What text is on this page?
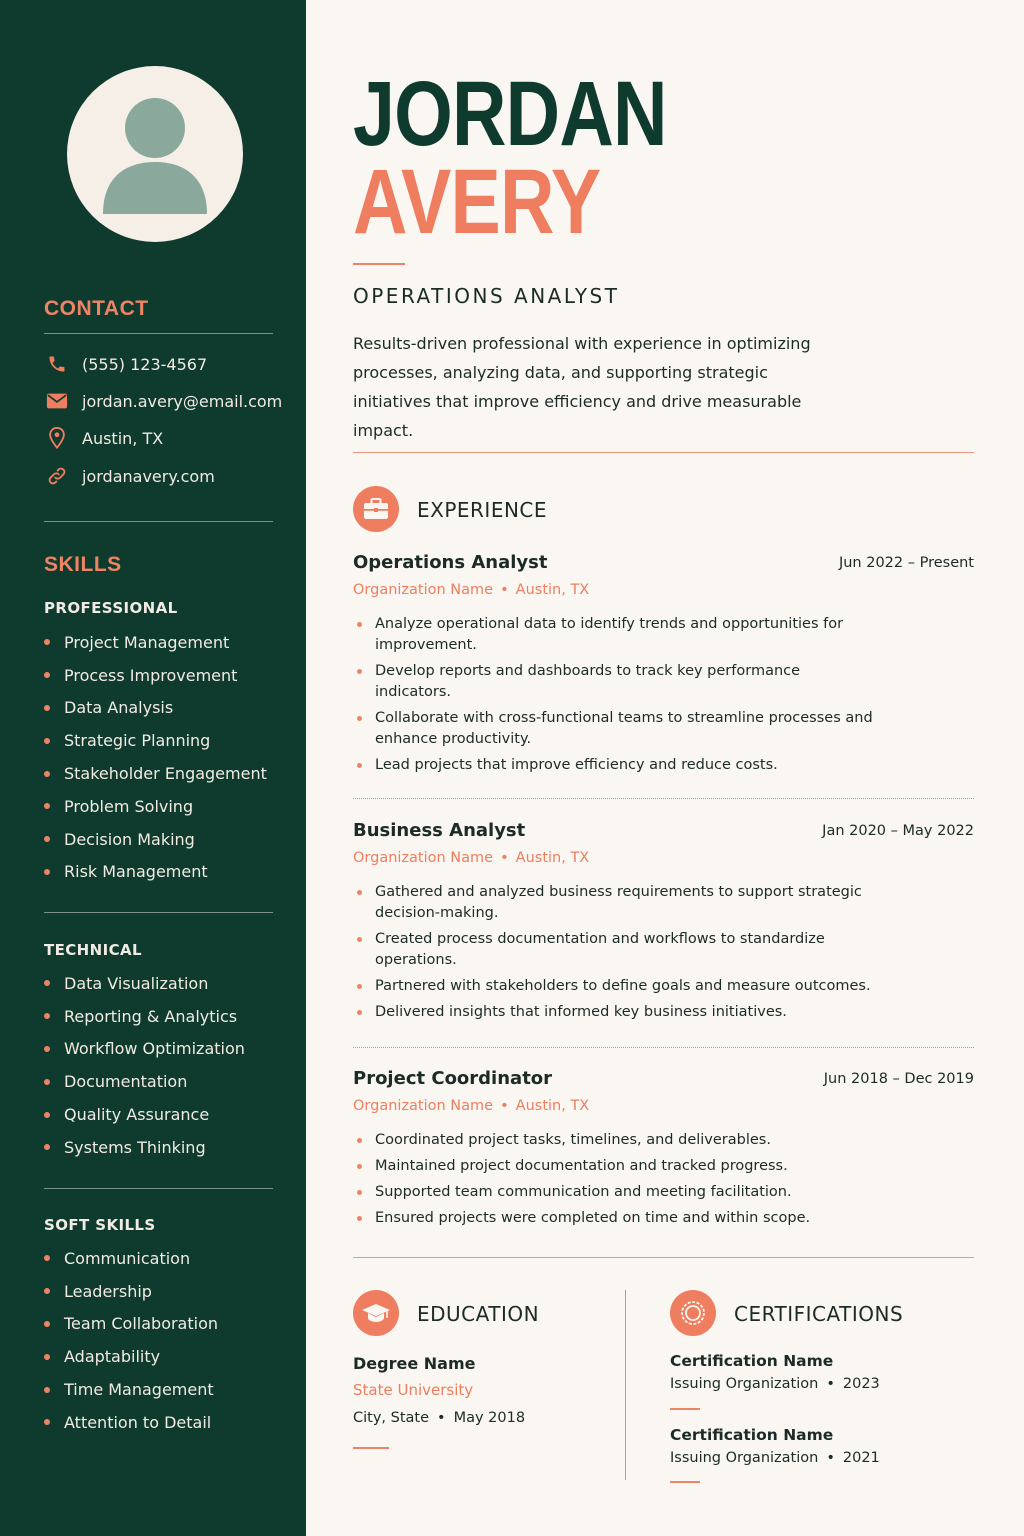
CONTACT
(555) 123-4567
jordan.avery@email.com
Austin, TX
jordanavery.com
SKILLS
PROFESSIONAL
Project Management
Process Improvement
Data Analysis
Strategic Planning
Stakeholder Engagement
Problem Solving
Decision Making
Risk Management
TECHNICAL
Data Visualization
Reporting & Analytics
Workflow Optimization
Documentation
Quality Assurance
Systems Thinking
SOFT SKILLS
Communication
Leadership
Team Collaboration
Adaptability
Time Management
Attention to Detail
JORDAN
AVERY
OPERATIONS ANALYST

Results-driven professional with experience in optimizing processes, analyzing data, and supporting strategic initiatives that improve efficiency and drive measurable impact.

EXPERIENCE
Operations Analyst	Jun 2022 – Present
Organization Name • Austin, TX
Analyze operational data to identify trends and opportunities for improvement.
Develop reports and dashboards to track key performance indicators.
Collaborate with cross-functional teams to streamline processes and enhance productivity.
Lead projects that improve efficiency and reduce costs.
Business Analyst	Jan 2020 – May 2022
Organization Name • Austin, TX
Gathered and analyzed business requirements to support strategic decision-making.
Created process documentation and workflows to standardize operations.
Partnered with stakeholders to define goals and measure outcomes.
Delivered insights that informed key business initiatives.
Project Coordinator	Jun 2018 – Dec 2019
Organization Name • Austin, TX
Coordinated project tasks, timelines, and deliverables.
Maintained project documentation and tracked progress.
Supported team communication and meeting facilitation.
Ensured projects were completed on time and within scope.
EDUCATION
Degree Name
State University
City, State • May 2018
CERTIFICATIONS
Certification Name
Issuing Organization • 2023
Certification Name
Issuing Organization • 2021
